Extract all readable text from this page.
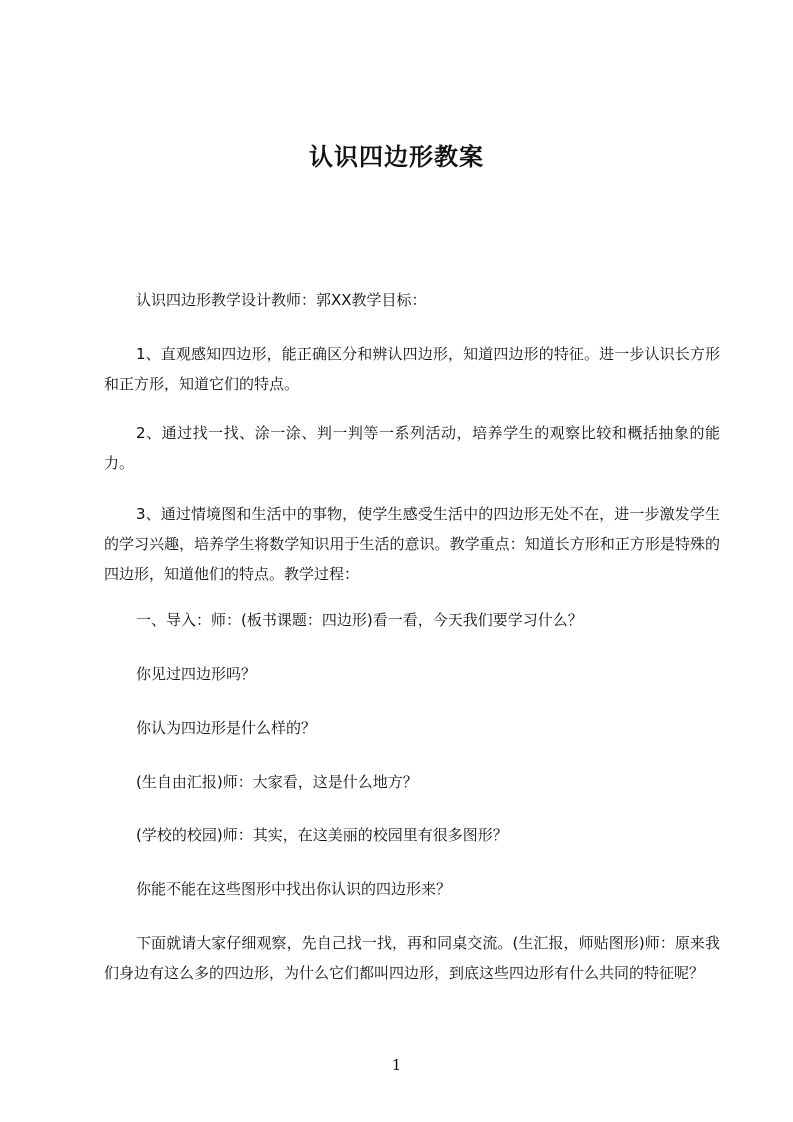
认识四边形教案

认识四边形教学设计教师：郭XX教学目标：

1、直观感知四边形，能正确区分和辨认四边形，知道四边形的特征。进一步认识长方形和正方形，知道它们的特点。

2、通过找一找、涂一涂、判一判等一系列活动，培养学生的观察比较和概括抽象的能力。

3、通过情境图和生活中的事物，使学生感受生活中的四边形无处不在，进一步激发学生的学习兴趣，培养学生将数学知识用于生活的意识。教学重点：知道长方形和正方形是特殊的四边形，知道他们的特点。教学过程：

一、导入：师：(板书课题：四边形)看一看，今天我们要学习什么？

你见过四边形吗？

你认为四边形是什么样的？

(生自由汇报)师：大家看，这是什么地方？

(学校的校园)师：其实，在这美丽的校园里有很多图形？

你能不能在这些图形中找出你认识的四边形来？

下面就请大家仔细观察，先自己找一找，再和同桌交流。(生汇报，师贴图形)师：原来我们身边有这么多的四边形，为什么它们都叫四边形，到底这些四边形有什么共同的特征呢？

1
